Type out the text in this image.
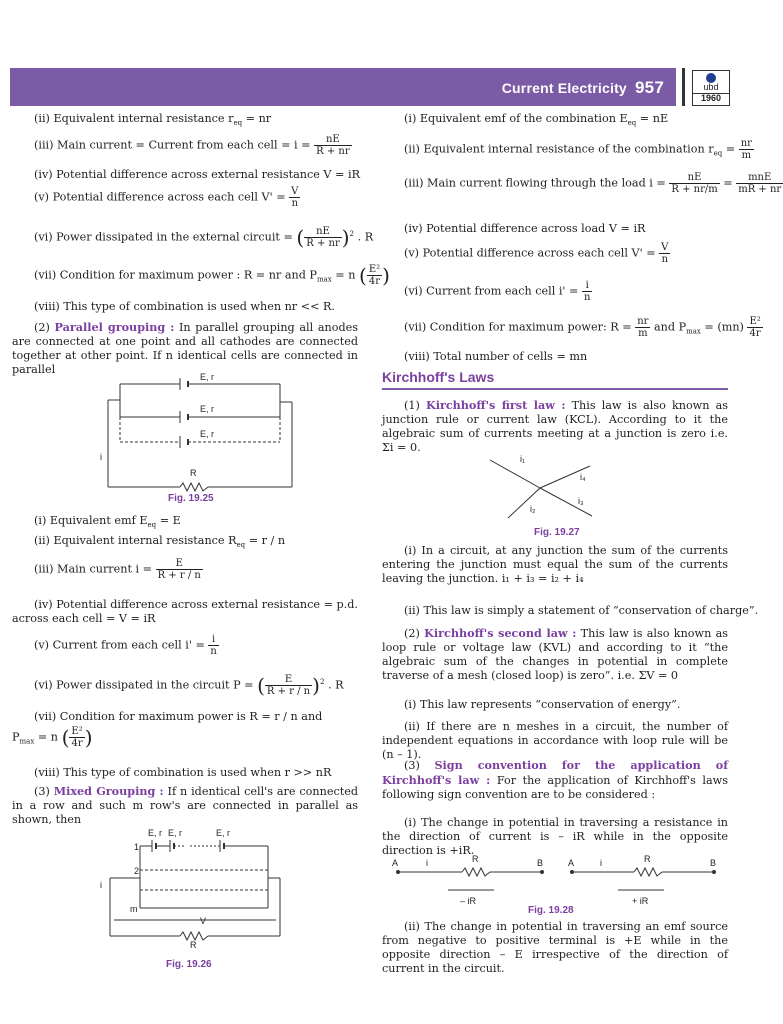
Current Electricity 957	ubd
1960
(ii) Equivalent internal resistance $r_{eq}$ = nr
(iii) Main current = Current from each cell = $i = \frac{nE}{R + nr}$
(iv) Potential difference across external resistance V = iR
(v) Potential difference across each cell $V' = \frac{V}{n}$
(vi) Power dissipated in the external circuit = ( $\frac{nE}{R + nr} )^2$ . R
(vii) Condition for maximum power : R = nr and $P_{max} = n$ ( $\frac{\text{E²}}{4r}$ )
(viii) This type of combination is used when nr << R.
(2) Parallel grouping : In parallel grouping all anodes are connected at one point and all cathodes are connected together at other point. If n identical cells are connected in parallel
Fig. 19.25
(i) Equivalent emf $E_{eq} = E$
(ii) Equivalent internal resistance $R_{eq} = r / n$
(iii) Main current $i = \frac{E}{R + r / n}$
(iv) Potential difference across external resistance = p.d. across each cell = V = iR
(v) Current from each cell $i' = \frac{i}{n}$
(vi) Power dissipated in the circuit P = ( $\frac{E}{R + r / n} )^2$ . R
(vii) Condition for maximum power is R = r / n and
$P_{max} = n$ ( $\frac{\text{E²}}{4r}$ )
(viii) This type of combination is used when r >> nR
(3) Mixed Grouping : If n identical cell's are connected in a row and such m row's are connected in parallel as shown, then
Fig. 19.26
E, r
E, r
E, r
i
R
E, r E, r	E, r
1
2
m
i
V
R
(i) Equivalent emf of the combination $E_{eq}$ = nE
(ii) Equivalent internal resistance of the combination $r_{eq} = \frac{nr}{m}$
(iii) Main current flowing through the load $i = \frac{nE}{R + nr/m} = \frac{\text{mnE}}{mR + nr}$
(iv) Potential difference across load V = iR
(v) Potential difference across each cell $V' = \frac{V}{n}$
(vi) Current from each cell $i' = \frac{i}{n}$
(vii) Condition for maximum power: $R = \frac{nr}{m}$ and $P_{max} = (mn) \frac{\text{E²}}{4r}$
(viii) Total number of cells = mn
Kirchhoff's Laws
(1) Kirchhoff's first law : This law is also known as junction rule or current law (KCL). According to it the algebraic sum of currents meeting at a junction is zero i.e. Σi = 0.
Fig. 19.27
(i) In a circuit, at any junction the sum of the currents entering the junction must equal the sum of the currents leaving the junction. i₁ + i₃ = i₂ + i₄
(ii) This law is simply a statement of “conservation of charge”.
(2) Kirchhoff's second law : This law is also known as loop rule or voltage law (KVL) and according to it “the algebraic sum of the changes in potential in complete traverse of a mesh (closed loop) is zero”. i.e. ΣV = 0
(i) This law represents “conservation of energy”.
(ii) If there are n meshes in a circuit, the number of independent equations in accordance with loop rule will be (n – 1).
(3) Sign convention for the application of Kirchhoff's law : For the application of Kirchhoff's laws following sign convention are to be considered :
(i) The change in potential in traversing a resistance in the direction of current is – iR while in the opposite direction is +iR.
Fig. 19.28
(ii) The change in potential in traversing an emf source from negative to positive terminal is +E while in the opposite direction – E irrespective of the direction of current in the circuit.
i₁
i₄
i₃
i₂
A	i	R	B
– iR
A	i	R	B
+ iR
